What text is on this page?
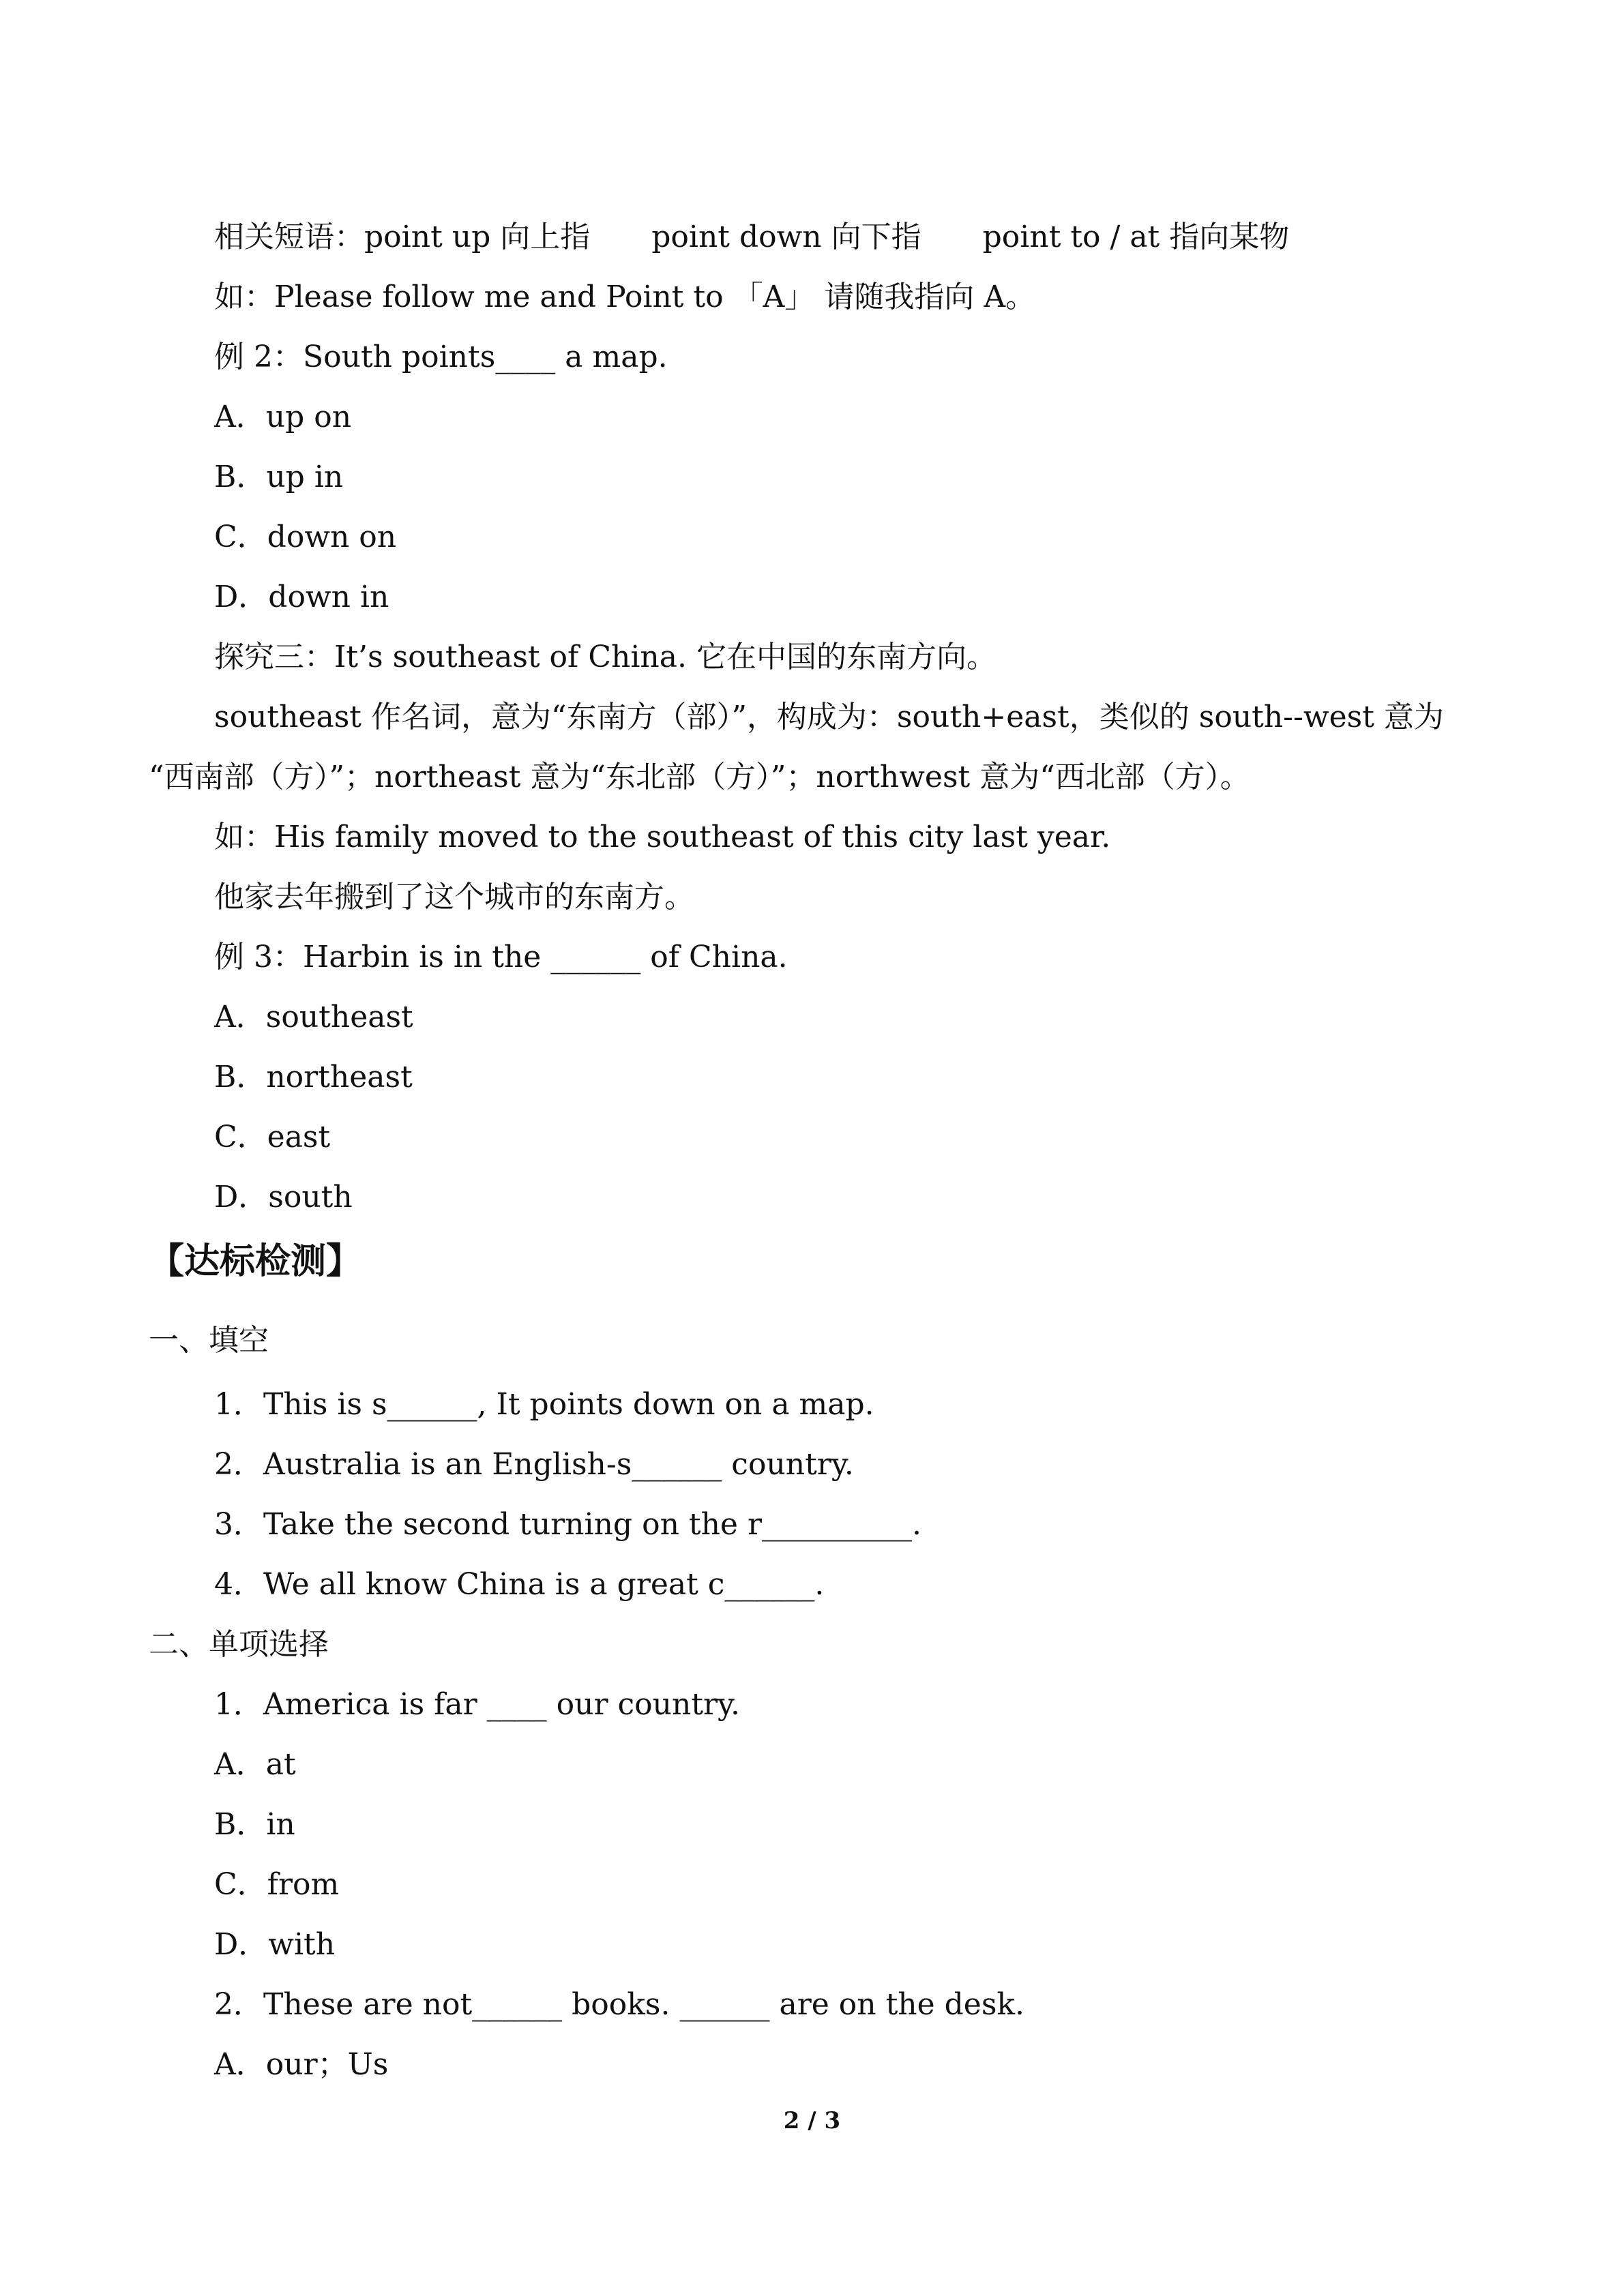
相关短语：point up 向上指 point down 向下指 point to / at 指向某物
如：Please follow me and Point to 「A」 请随我指向 A。
例 2：South points____ a map.
A．up on
B．up in
C．down on
D．down in
探究三：It’s southeast of China. 它在中国的东南方向。
southeast 作名词，意为“东南方（部）”，构成为：south+east，类似的 south--west 意为
“西南部（方）”；northeast 意为“东北部（方）”；northwest 意为“西北部（方）。
如：His family moved to the southeast of this city last year.
他家去年搬到了这个城市的东南方。
例 3：Harbin is in the ______ of China.
A．southeast
B．northeast
C．east
D．south
【达标检测】
一、填空
1．This is s______, It points down on a map.
2．Australia is an English-s______ country.
3．Take the second turning on the r__________.
4．We all know China is a great c______.
二、单项选择
1．America is far ____ our country.
A．at
B．in
C．from
D．with
2．These are not______ books. ______ are on the desk.
A．our；Us
2 / 3
